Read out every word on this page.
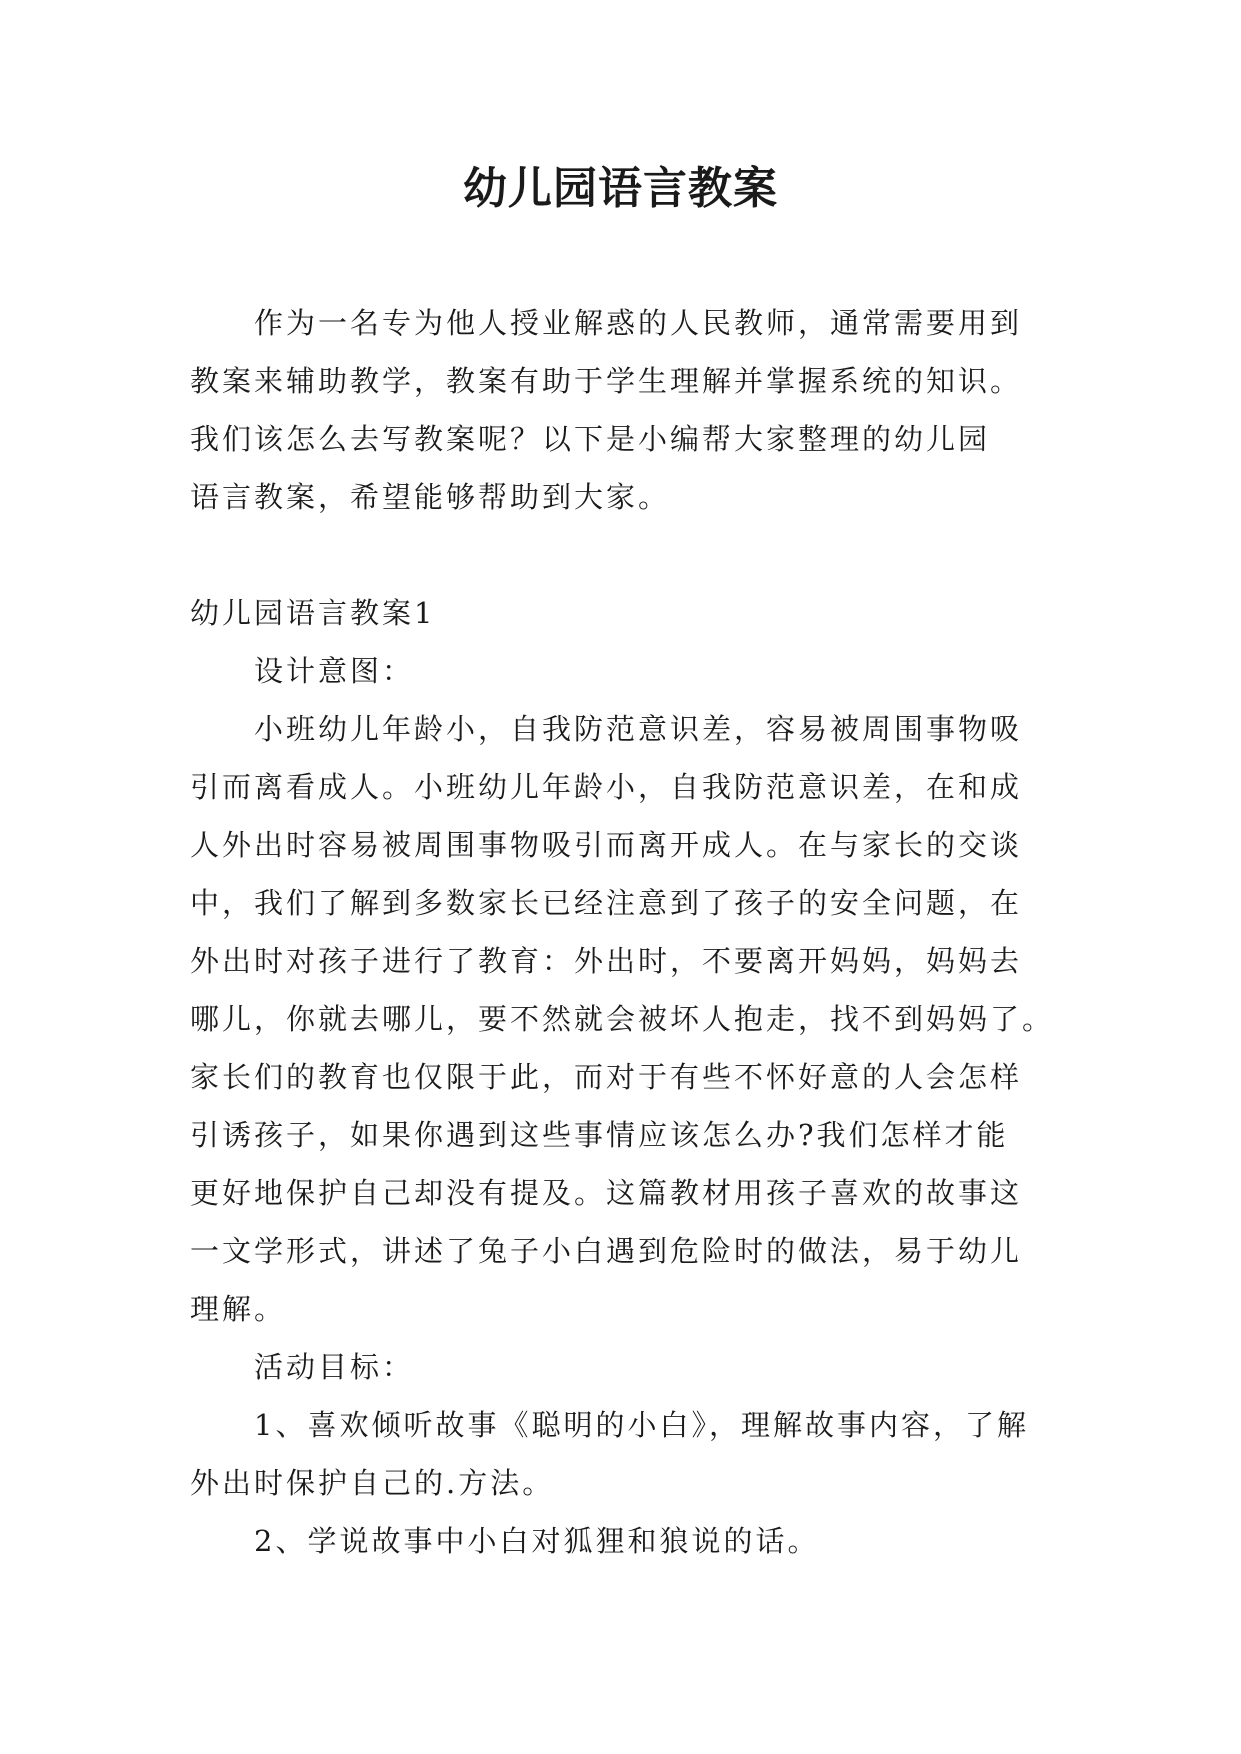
幼儿园语言教案

作为一名专为他人授业解惑的人民教师，通常需要用到
教案来辅助教学，教案有助于学生理解并掌握系统的知识。
我们该怎么去写教案呢？以下是小编帮大家整理的幼儿园
语言教案，希望能够帮助到大家。

幼儿园语言教案1

设计意图：

小班幼儿年龄小，自我防范意识差，容易被周围事物吸
引而离看成人。小班幼儿年龄小，自我防范意识差，在和成
人外出时容易被周围事物吸引而离开成人。在与家长的交谈
中，我们了解到多数家长已经注意到了孩子的安全问题，在
外出时对孩子进行了教育：外出时，不要离开妈妈，妈妈去
哪儿，你就去哪儿，要不然就会被坏人抱走，找不到妈妈了。
家长们的教育也仅限于此，而对于有些不怀好意的人会怎样
引诱孩子，如果你遇到这些事情应该怎么办?我们怎样才能
更好地保护自己却没有提及。这篇教材用孩子喜欢的故事这
一文学形式，讲述了兔子小白遇到危险时的做法，易于幼儿
理解。

活动目标：

1、喜欢倾听故事《聪明的小白》，理解故事内容，了解
外出时保护自己的.方法。

2、学说故事中小白对狐狸和狼说的话。
